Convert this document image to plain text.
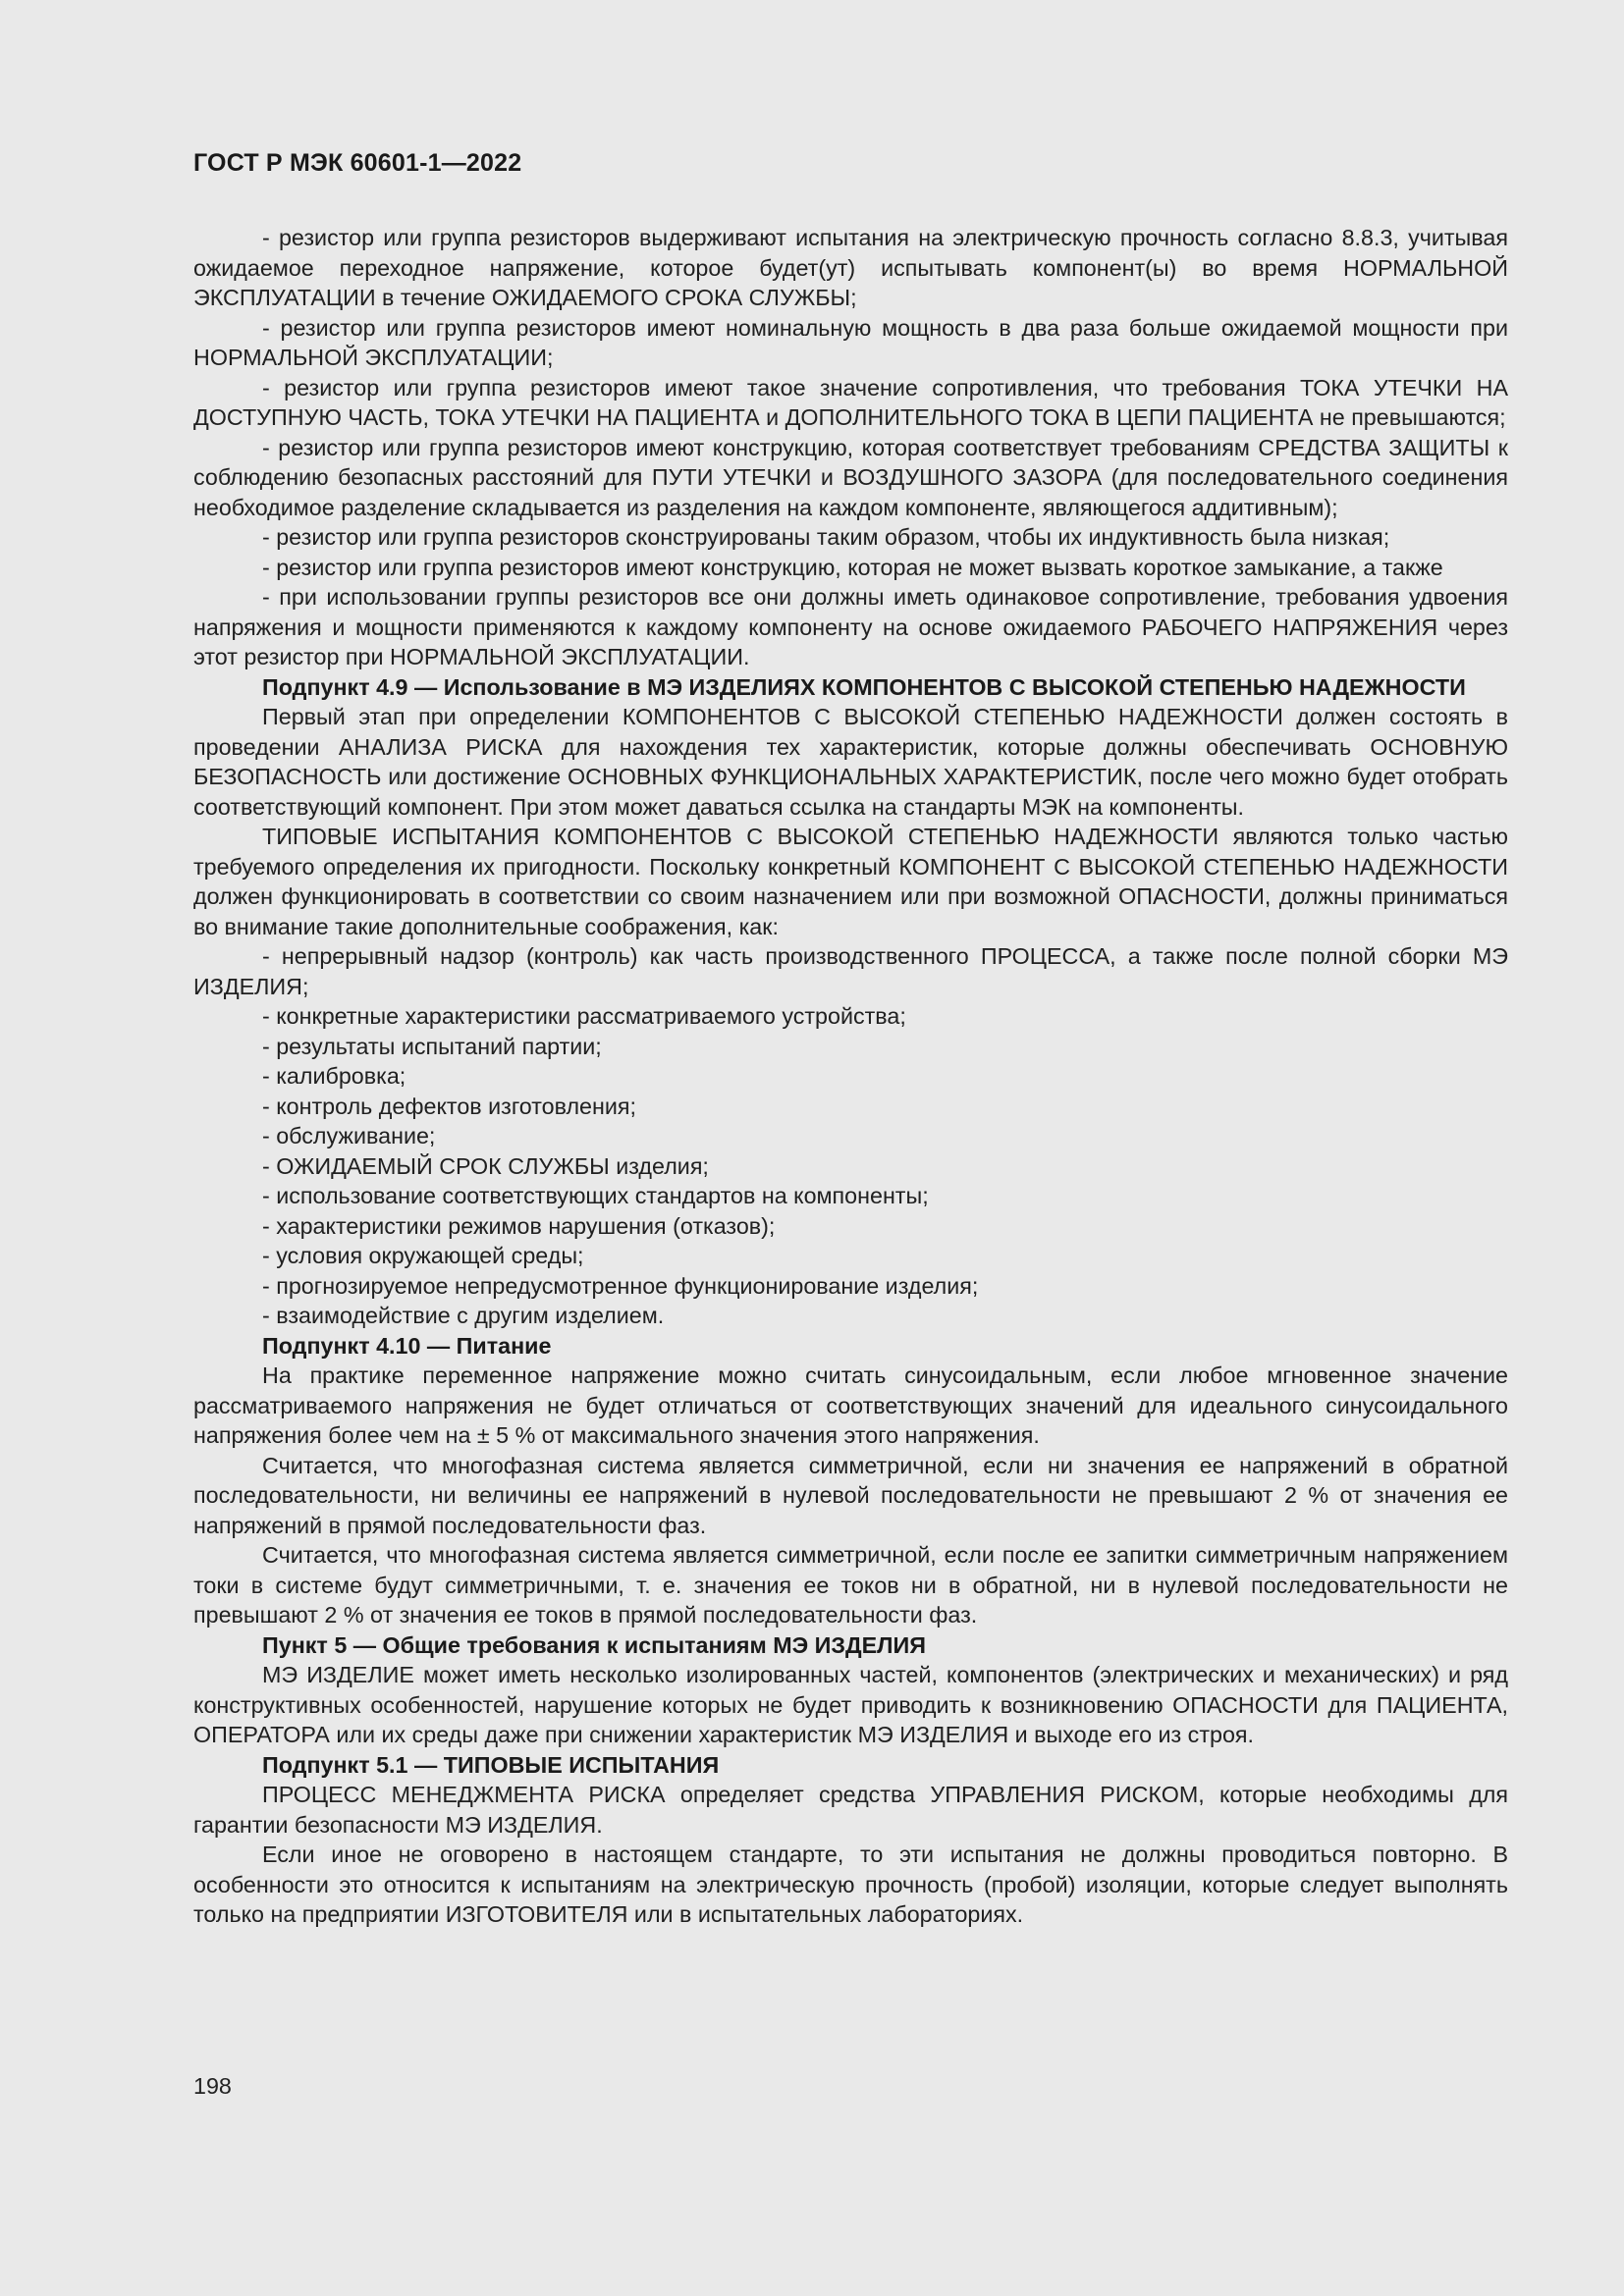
ГОСТ Р МЭК 60601-1—2022

- резистор или группа резисторов выдерживают испытания на электрическую прочность согласно 8.8.3, учитывая ожидаемое переходное напряжение, которое будет(ут) испытывать компонент(ы) во время НОРМАЛЬНОЙ ЭКСПЛУАТАЦИИ в течение ОЖИДАЕМОГО СРОКА СЛУЖБЫ;

- резистор или группа резисторов имеют номинальную мощность в два раза больше ожидаемой мощности при НОРМАЛЬНОЙ ЭКСПЛУАТАЦИИ;

- резистор или группа резисторов имеют такое значение сопротивления, что требования ТОКА УТЕЧКИ НА ДОСТУПНУЮ ЧАСТЬ, ТОКА УТЕЧКИ НА ПАЦИЕНТА и ДОПОЛНИТЕЛЬНОГО ТОКА В ЦЕПИ ПАЦИЕНТА не превышаются;

- резистор или группа резисторов имеют конструкцию, которая соответствует требованиям СРЕДСТВА ЗАЩИТЫ к соблюдению безопасных расстояний для ПУТИ УТЕЧКИ и ВОЗДУШНОГО ЗАЗОРА (для последовательного соединения необходимое разделение складывается из разделения на каждом компоненте, являющегося аддитивным);

- резистор или группа резисторов сконструированы таким образом, чтобы их индуктивность была низкая;

- резистор или группа резисторов имеют конструкцию, которая не может вызвать короткое замыкание, а также

- при использовании группы резисторов все они должны иметь одинаковое сопротивление, требования удвоения напряжения и мощности применяются к каждому компоненту на основе ожидаемого РАБОЧЕГО НАПРЯЖЕНИЯ через этот резистор при НОРМАЛЬНОЙ ЭКСПЛУАТАЦИИ.

Подпункт 4.9 — Использование в МЭ ИЗДЕЛИЯХ КОМПОНЕНТОВ С ВЫСОКОЙ СТЕПЕНЬЮ НАДЕЖНОСТИ

Первый этап при определении КОМПОНЕНТОВ С ВЫСОКОЙ СТЕПЕНЬЮ НАДЕЖНОСТИ должен состоять в проведении АНАЛИЗА РИСКА для нахождения тех характеристик, которые должны обеспечивать ОСНОВНУЮ БЕЗОПАСНОСТЬ или достижение ОСНОВНЫХ ФУНКЦИОНАЛЬНЫХ ХАРАКТЕРИСТИК, после чего можно будет отобрать соответствующий компонент. При этом может даваться ссылка на стандарты МЭК на компоненты.

ТИПОВЫЕ ИСПЫТАНИЯ КОМПОНЕНТОВ С ВЫСОКОЙ СТЕПЕНЬЮ НАДЕЖНОСТИ являются только частью требуемого определения их пригодности. Поскольку конкретный КОМПОНЕНТ С ВЫСОКОЙ СТЕПЕНЬЮ НАДЕЖНОСТИ должен функционировать в соответствии со своим назначением или при возможной ОПАСНОСТИ, должны приниматься во внимание такие дополнительные соображения, как:

- непрерывный надзор (контроль) как часть производственного ПРОЦЕССА, а также после полной сборки МЭ ИЗДЕЛИЯ;

- конкретные характеристики рассматриваемого устройства;

- результаты испытаний партии;

- калибровка;

- контроль дефектов изготовления;

- обслуживание;

- ОЖИДАЕМЫЙ СРОК СЛУЖБЫ изделия;

- использование соответствующих стандартов на компоненты;

- характеристики режимов нарушения (отказов);

- условия окружающей среды;

- прогнозируемое непредусмотренное функционирование изделия;

- взаимодействие с другим изделием.

Подпункт 4.10 — Питание

На практике переменное напряжение можно считать синусоидальным, если любое мгновенное значение рассматриваемого напряжения не будет отличаться от соответствующих значений для идеального синусоидального напряжения более чем на ± 5 % от максимального значения этого напряжения.

Считается, что многофазная система является симметричной, если ни значения ее напряжений в обратной последовательности, ни величины ее напряжений в нулевой последовательности не превышают 2 % от значения ее напряжений в прямой последовательности фаз.

Считается, что многофазная система является симметричной, если после ее запитки симметричным напряжением токи в системе будут симметричными, т. е. значения ее токов ни в обратной, ни в нулевой последовательности не превышают 2 % от значения ее токов в прямой последовательности фаз.

Пункт 5 — Общие требования к испытаниям МЭ ИЗДЕЛИЯ

МЭ ИЗДЕЛИЕ может иметь несколько изолированных частей, компонентов (электрических и механических) и ряд конструктивных особенностей, нарушение которых не будет приводить к возникновению ОПАСНОСТИ для ПАЦИЕНТА, ОПЕРАТОРА или их среды даже при снижении характеристик МЭ ИЗДЕЛИЯ и выходе его из строя.

Подпункт 5.1 — ТИПОВЫЕ ИСПЫТАНИЯ

ПРОЦЕСС МЕНЕДЖМЕНТА РИСКА определяет средства УПРАВЛЕНИЯ РИСКОМ, которые необходимы для гарантии безопасности МЭ ИЗДЕЛИЯ.

Если иное не оговорено в настоящем стандарте, то эти испытания не должны проводиться повторно. В особенности это относится к испытаниям на электрическую прочность (пробой) изоляции, которые следует выполнять только на предприятии ИЗГОТОВИТЕЛЯ или в испытательных лабораториях.

198
